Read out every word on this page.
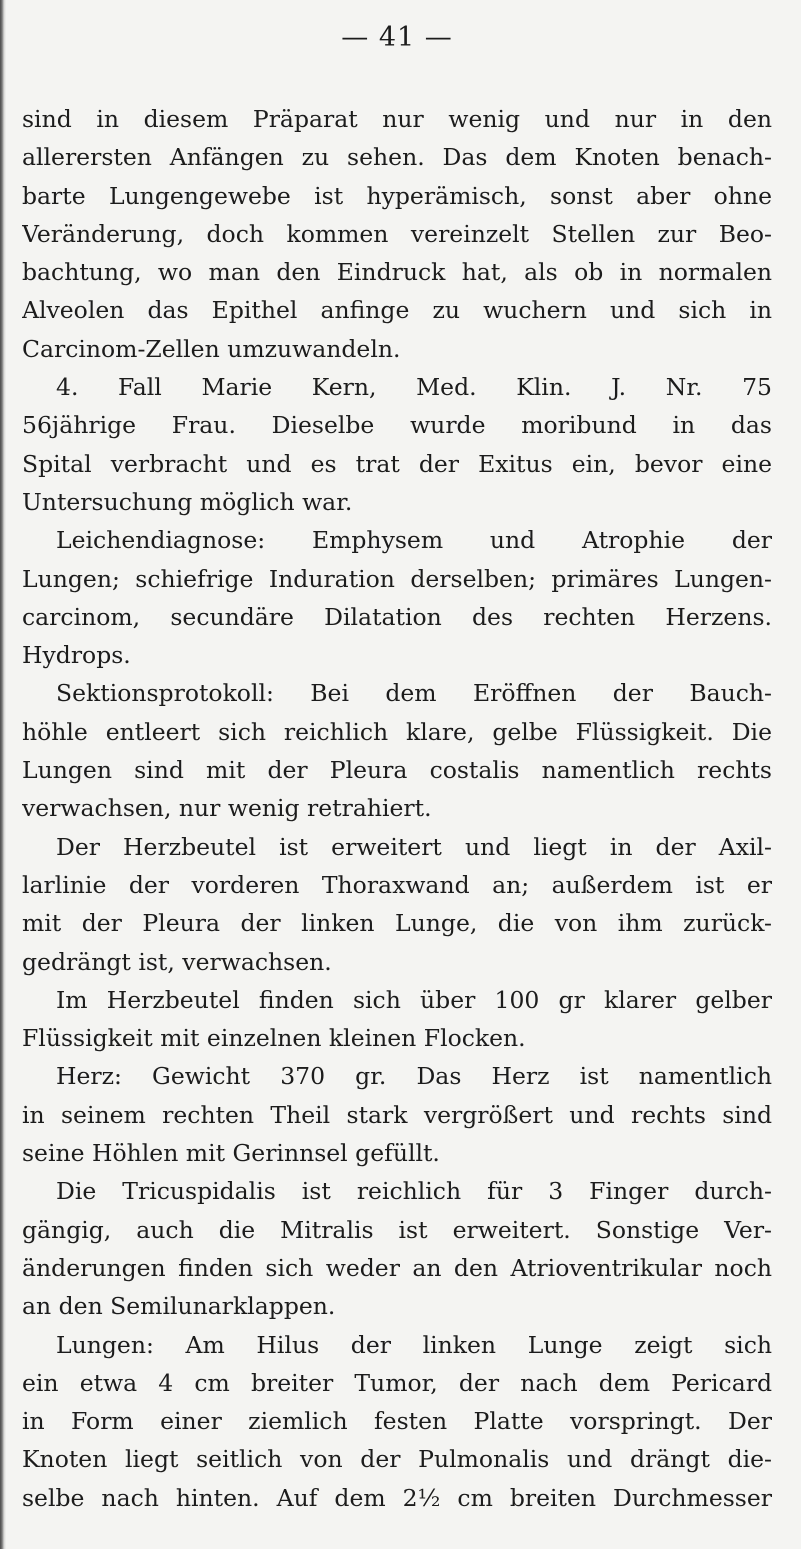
— 41 —
sind in diesem Präparat nur wenig und nur in den
allerersten Anfängen zu sehen. Das dem Knoten benach-
barte Lungengewebe ist hyperämisch, sonst aber ohne
Veränderung, doch kommen vereinzelt Stellen zur Beo-
bachtung, wo man den Eindruck hat, als ob in normalen
Alveolen das Epithel anfinge zu wuchern und sich in
Carcinom-Zellen umzuwandeln.
4. Fall Marie Kern, Med. Klin. J. Nr. 75
56jährige Frau. Dieselbe wurde moribund in das
Spital verbracht und es trat der Exitus ein, bevor eine
Untersuchung möglich war.
Leichendiagnose: Emphysem und Atrophie der
Lungen; schiefrige Induration derselben; primäres Lungen-
carcinom, secundäre Dilatation des rechten Herzens.
Hydrops.
Sektionsprotokoll: Bei dem Eröffnen der Bauch-
höhle entleert sich reichlich klare, gelbe Flüssigkeit. Die
Lungen sind mit der Pleura costalis namentlich rechts
verwachsen, nur wenig retrahiert.
Der Herzbeutel ist erweitert und liegt in der Axil-
larlinie der vorderen Thoraxwand an; außerdem ist er
mit der Pleura der linken Lunge, die von ihm zurück-
gedrängt ist, verwachsen.
Im Herzbeutel finden sich über 100 gr klarer gelber
Flüssigkeit mit einzelnen kleinen Flocken.
Herz: Gewicht 370 gr. Das Herz ist namentlich
in seinem rechten Theil stark vergrößert und rechts sind
seine Höhlen mit Gerinnsel gefüllt.
Die Tricuspidalis ist reichlich für 3 Finger durch-
gängig, auch die Mitralis ist erweitert. Sonstige Ver-
änderungen finden sich weder an den Atrioventrikular noch
an den Semilunarklappen.
Lungen: Am Hilus der linken Lunge zeigt sich
ein etwa 4 cm breiter Tumor, der nach dem Pericard
in Form einer ziemlich festen Platte vorspringt. Der
Knoten liegt seitlich von der Pulmonalis und drängt die-
selbe nach hinten. Auf dem 2½ cm breiten Durchmesser
